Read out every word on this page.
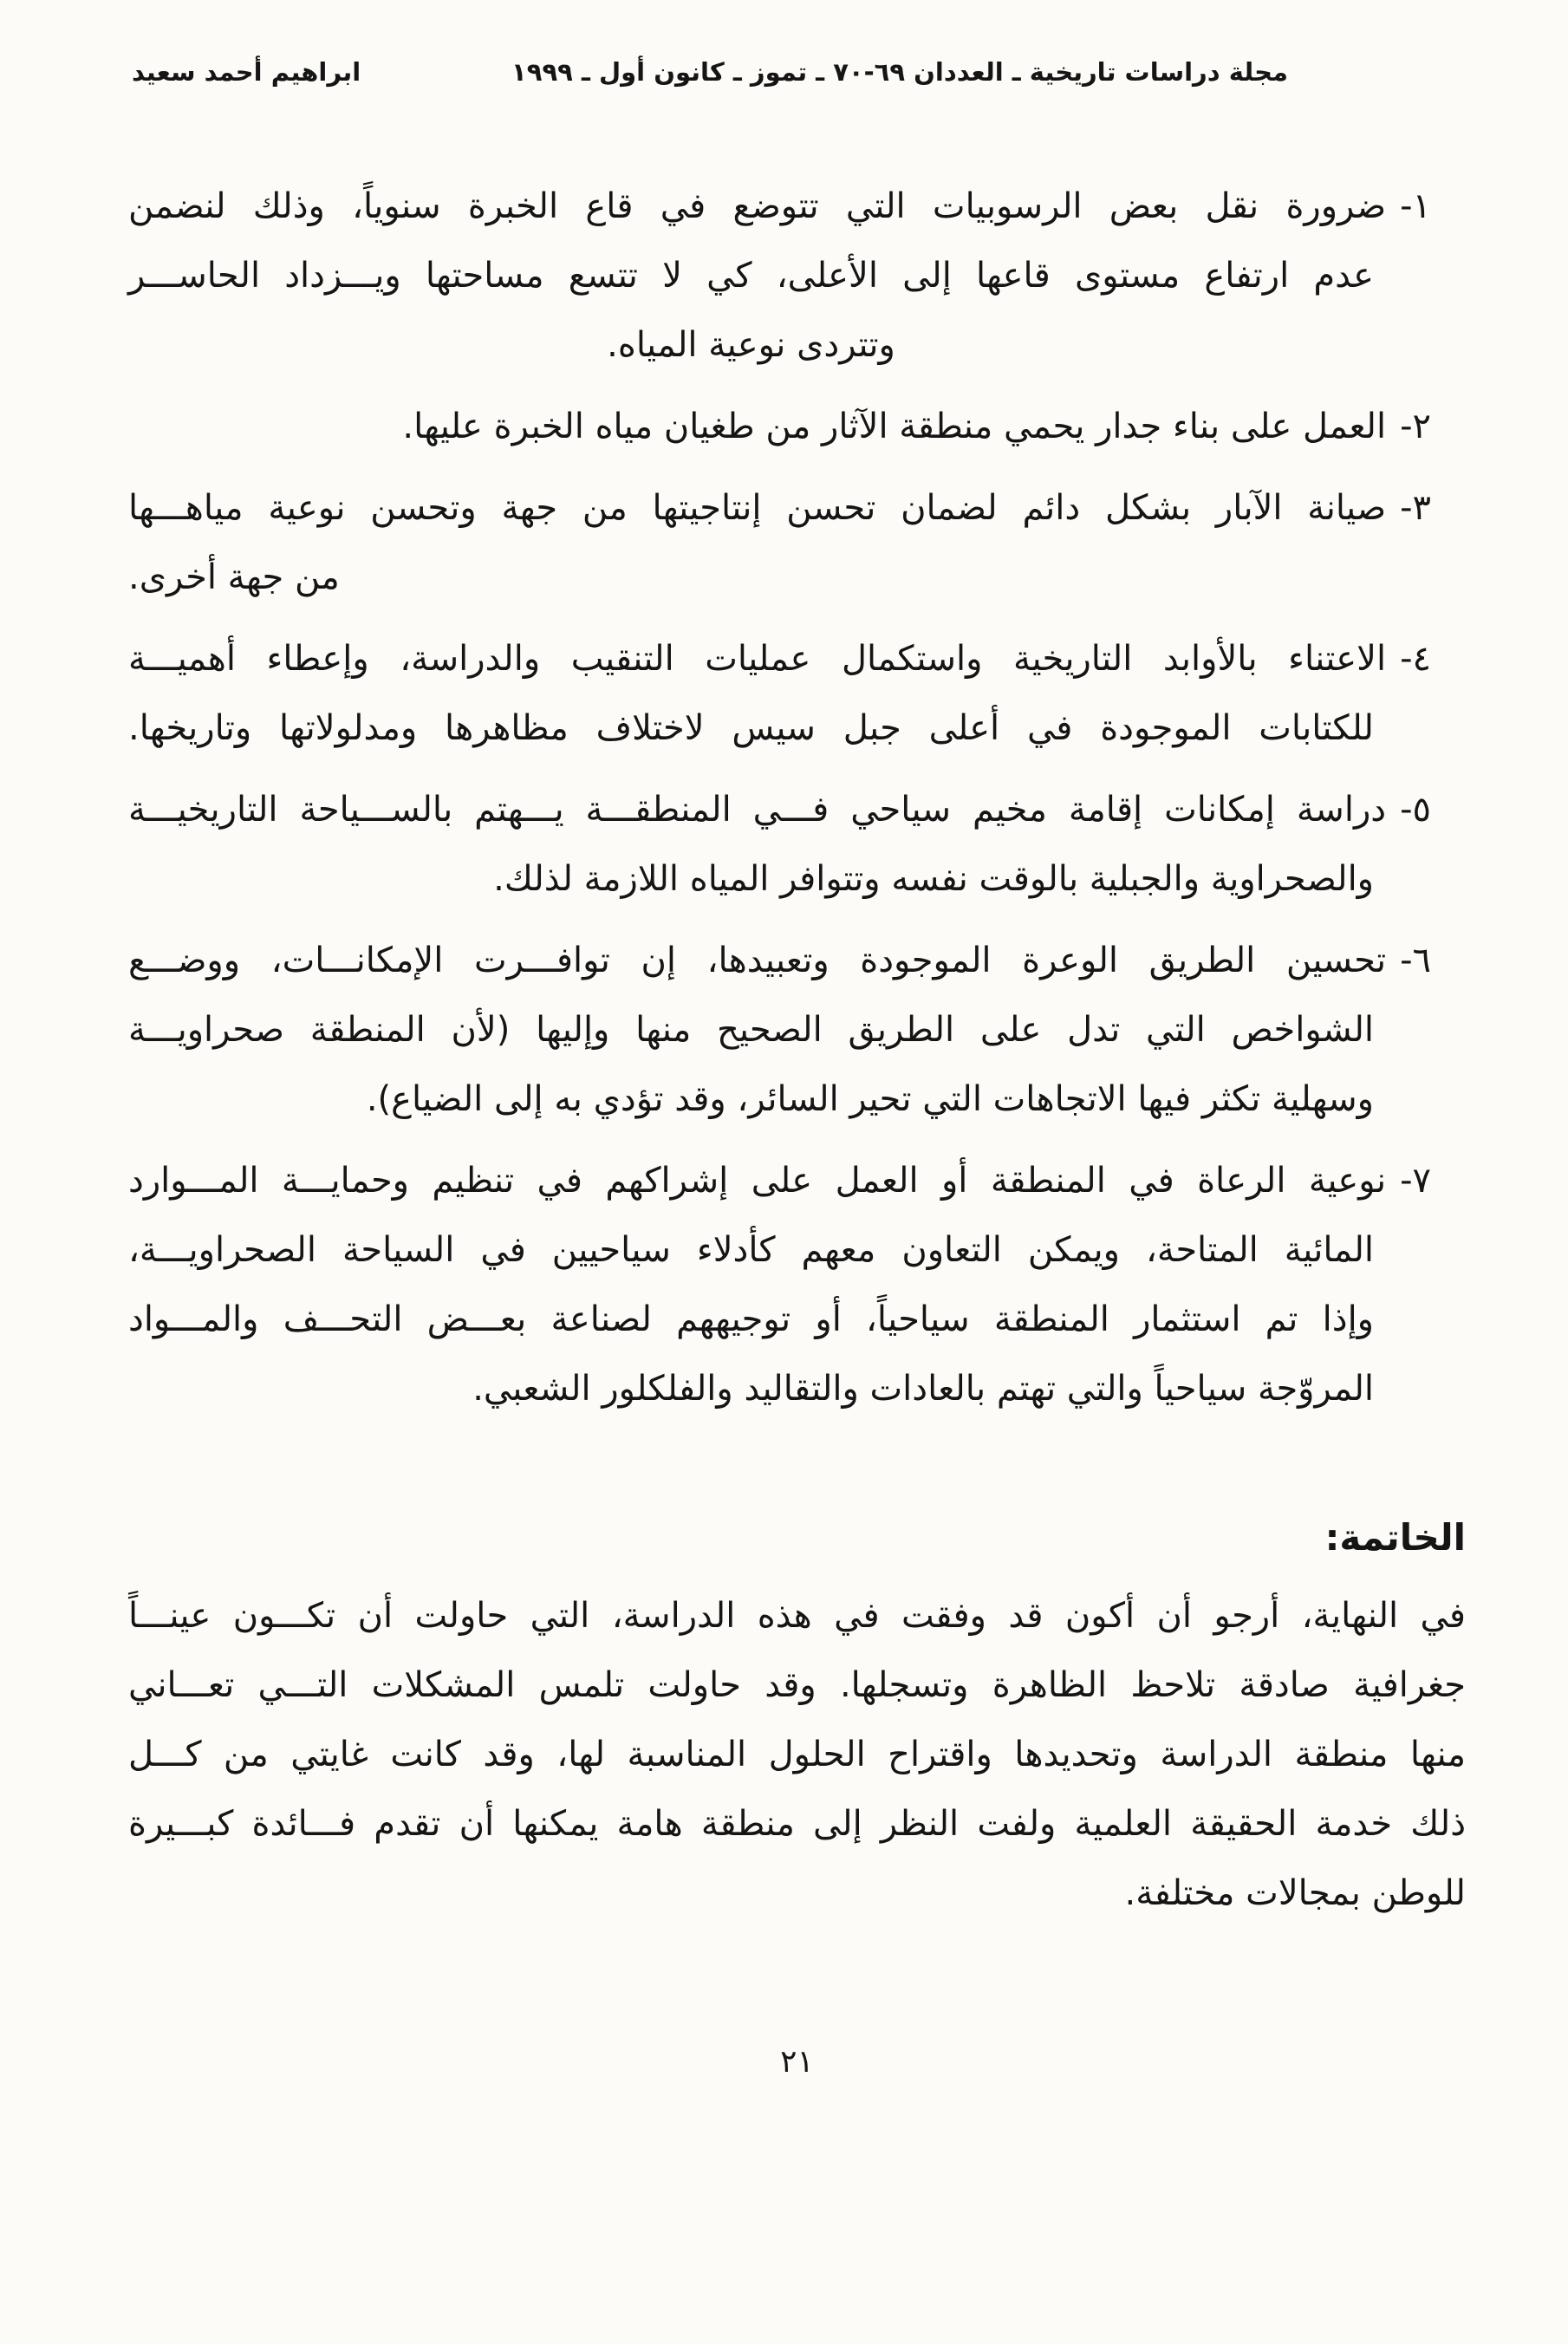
مجلة دراسات تاريخية ـ العددان ٦٩-٧٠ ـ تموز ـ كانون أول ـ ١٩٩٩
ابراهيم أحمد سعيد
١-ضرورة نقل بعض الرسوبيات التي تتوضع في قاع الخبرة سنوياً، وذلك لنضمن
عدم ارتفاع مستوى قاعها إلى الأعلى، كي لا تتسع مساحتها ويـــزداد الحاســـر
وتتردى نوعية المياه.
٢-العمل على بناء جدار يحمي منطقة الآثار من طغيان مياه الخبرة عليها.
٣-صيانة الآبار بشكل دائم لضمان تحسن إنتاجيتها من جهة وتحسن نوعية مياهـــها
من جهة أخرى.
٤-الاعتناء بالأوابد التاريخية واستكمال عمليات التنقيب والدراسة، وإعطاء أهميـــة
للكتابات الموجودة في أعلى جبل سيس لاختلاف مظاهرها ومدلولاتها وتاريخها.
٥-دراسة إمكانات إقامة مخيم سياحي فـــي المنطقـــة يـــهتم بالســـياحة التاريخيـــة
والصحراوية والجبلية بالوقت نفسه وتتوافر المياه اللازمة لذلك.
٦-تحسين الطريق الوعرة الموجودة وتعبيدها، إن توافـــرت الإمكانـــات، ووضـــع
الشواخص التي تدل على الطريق الصحيح منها وإليها (لأن المنطقة صحراويـــة
وسهلية تكثر فيها الاتجاهات التي تحير السائر، وقد تؤدي به إلى الضياع).
٧-نوعية الرعاة في المنطقة أو العمل على إشراكهم في تنظيم وحمايـــة المـــوارد
المائية المتاحة، ويمكن التعاون معهم كأدلاء سياحيين في السياحة الصحراويـــة،
وإذا تم استثمار المنطقة سياحياً، أو توجيههم لصناعة بعـــض التحـــف والمـــواد
المروّجة سياحياً والتي تهتم بالعادات والتقاليد والفلكلور الشعبي.
الخاتمة:
في النهاية، أرجو أن أكون قد وفقت في هذه الدراسة، التي حاولت أن تكـــون عينـــاً
جغرافية صادقة تلاحظ الظاهرة وتسجلها. وقد حاولت تلمس المشكلات التـــي تعـــاني
منها منطقة الدراسة وتحديدها واقتراح الحلول المناسبة لها، وقد كانت غايتي من كـــل
ذلك خدمة الحقيقة العلمية ولفت النظر إلى منطقة هامة يمكنها أن تقدم فـــائدة كبـــيرة
للوطن بمجالات مختلفة.
٢١
